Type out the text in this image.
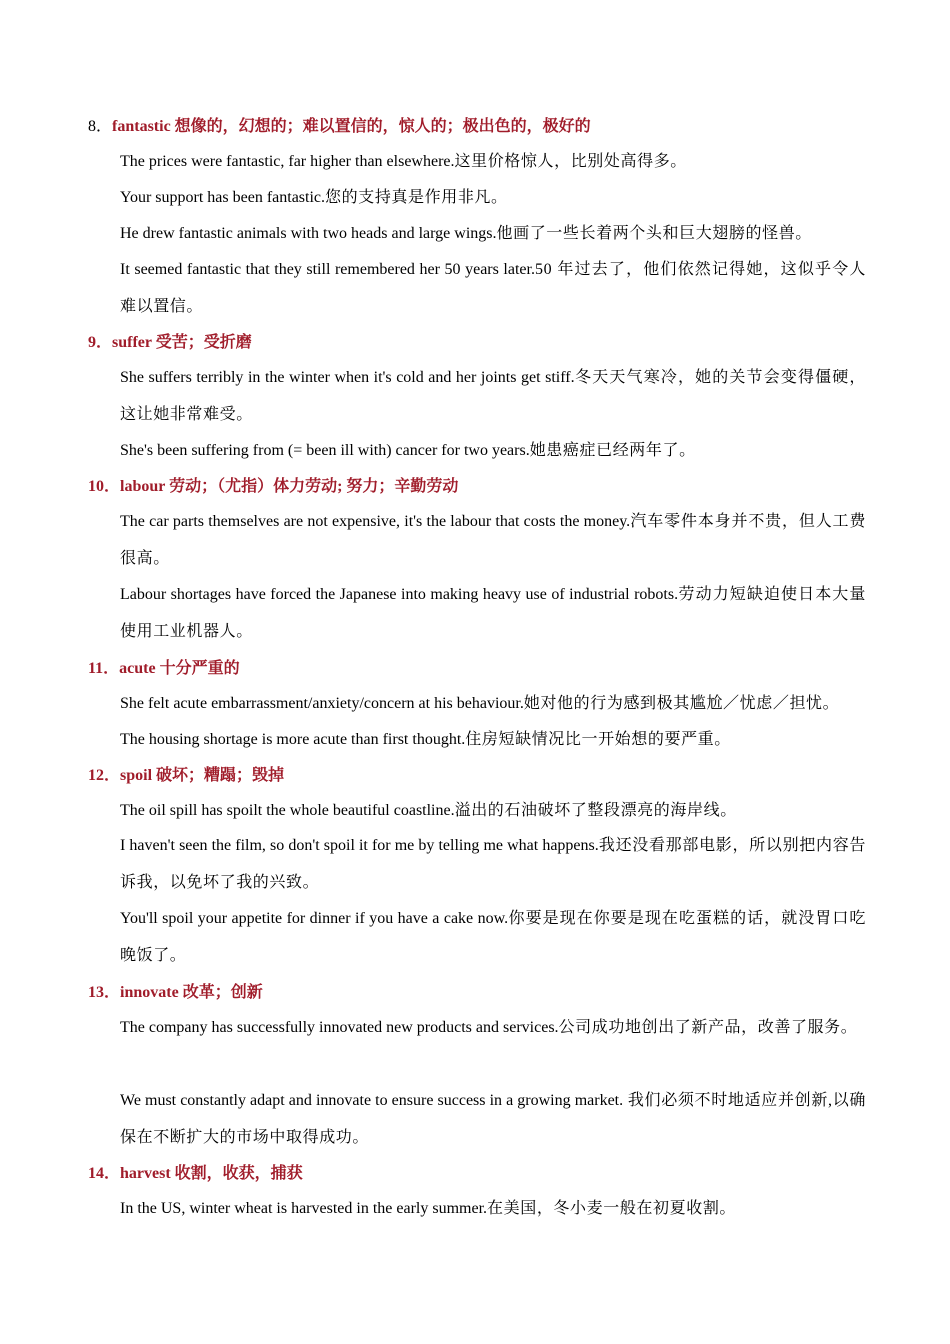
8．fantastic 想像的，幻想的；难以置信的，惊人的；极出色的，极好的
The prices were fantastic, far higher than elsewhere.这里价格惊人，比别处高得多。
Your support has been fantastic.您的支持真是作用非凡。
He drew fantastic animals with two heads and large wings.他画了一些长着两个头和巨大翅膀的怪兽。
It seemed fantastic that they still remembered her 50 years later.50 年过去了，他们依然记得她，这似乎令人难以置信。
9．suffer 受苦；受折磨
She suffers terribly in the winter when it's cold and her joints get stiff.冬天天气寒冷，她的关节会变得僵硬，这让她非常难受。
She's been suffering from (= been ill with) cancer for two years.她患癌症已经两年了。
10．labour 劳动；（尤指）体力劳动; 努力；辛勤劳动
The car parts themselves are not expensive, it's the labour that costs the money.汽车零件本身并不贵，但人工费很高。
Labour shortages have forced the Japanese into making heavy use of industrial robots.劳动力短缺迫使日本大量使用工业机器人。
11．acute 十分严重的
She felt acute embarrassment/anxiety/concern at his behaviour.她对他的行为感到极其尴尬／忧虑／担忧。
The housing shortage is more acute than first thought.住房短缺情况比一开始想的要严重。
12．spoil 破坏；糟蹋；毁掉
The oil spill has spoilt the whole beautiful coastline.溢出的石油破坏了整段漂亮的海岸线。
I haven't seen the film, so don't spoil it for me by telling me what happens.我还没看那部电影，所以别把内容告诉我，以免坏了我的兴致。
You'll spoil your appetite for dinner if you have a cake now.你要是现在你要是现在吃蛋糕的话，就没胃口吃晚饭了。
13．innovate 改革；创新
The company has successfully innovated new products and services.公司成功地创出了新产品，改善了服务。
We must constantly adapt and innovate to ensure success in a growing market. 我们必须不时地适应并创新,以确保在不断扩大的市场中取得成功。
14．harvest 收割，收获，捕获
In the US, winter wheat is harvested in the early summer.在美国，冬小麦一般在初夏收割。
